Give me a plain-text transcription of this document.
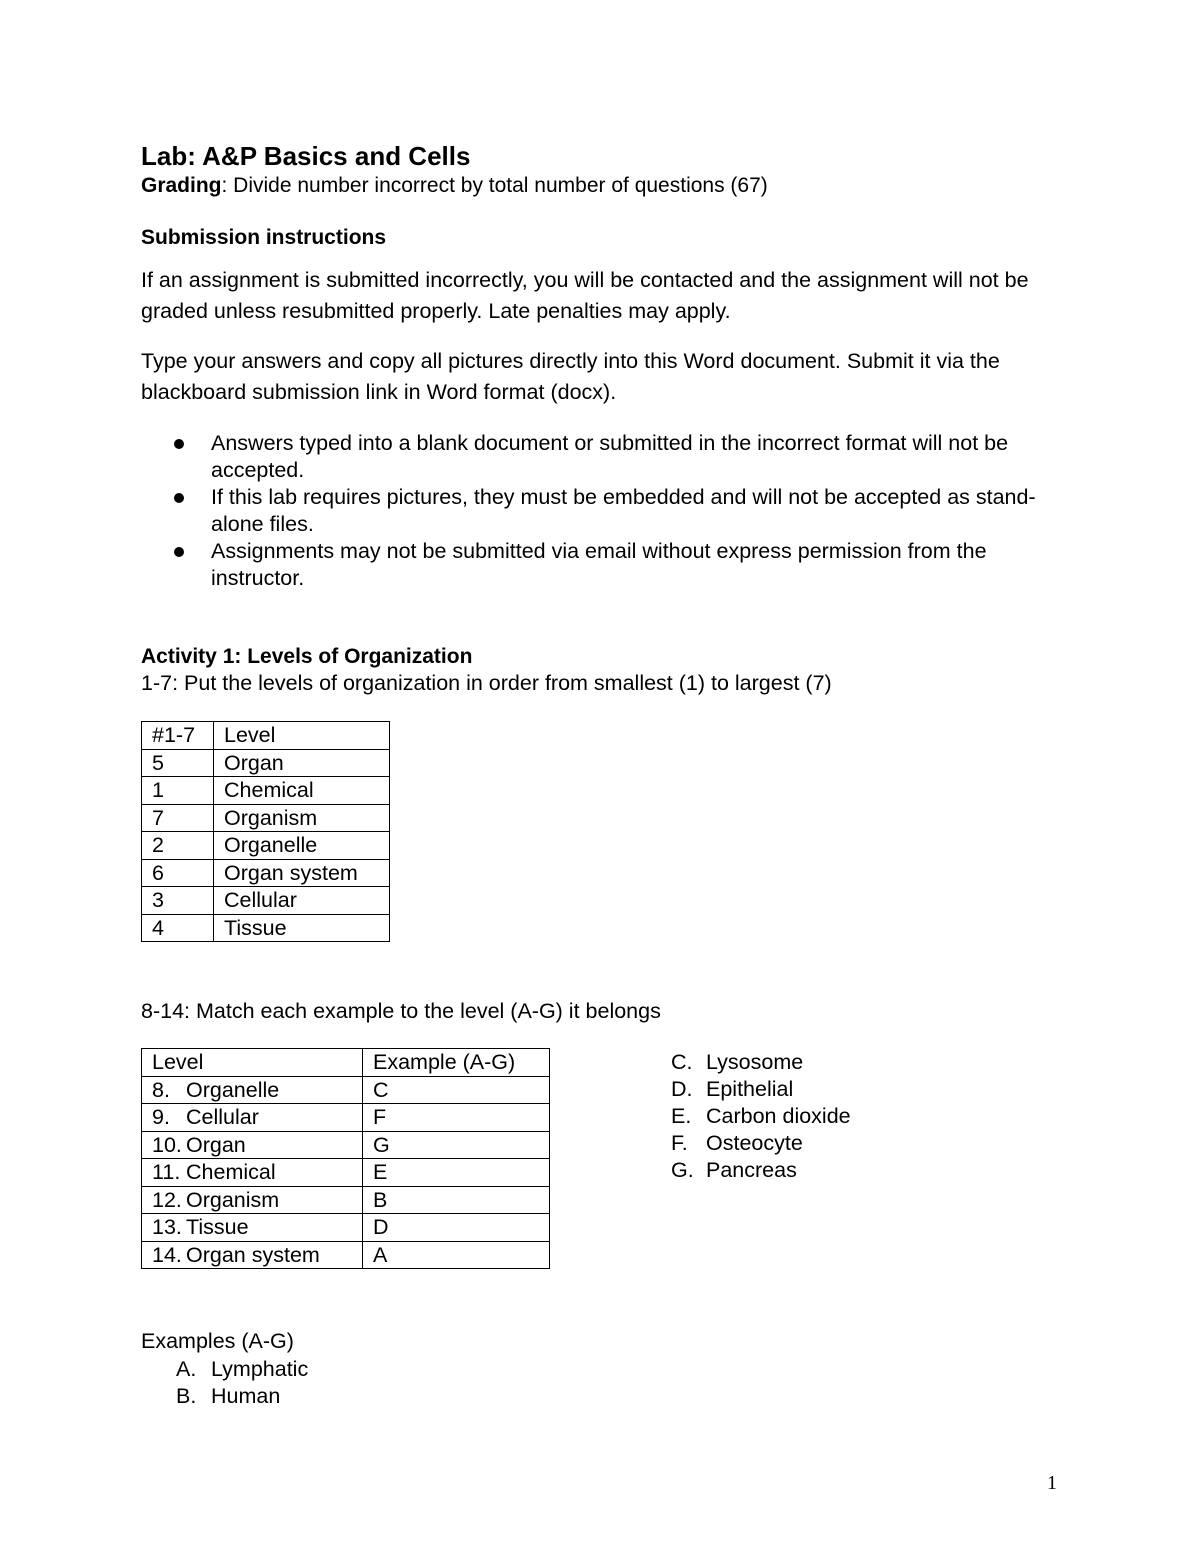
Lab: A&P Basics and Cells
Grading: Divide number incorrect by total number of questions (67)
Submission instructions
If an assignment is submitted incorrectly, you will be contacted and the assignment will not be graded unless resubmitted properly. Late penalties may apply.
Type your answers and copy all pictures directly into this Word document. Submit it via the blackboard submission link in Word format (docx).
Answers typed into a blank document or submitted in the incorrect format will not be accepted.
If this lab requires pictures, they must be embedded and will not be accepted as stand-alone files.
Assignments may not be submitted via email without express permission from the instructor.
Activity 1: Levels of Organization
1-7: Put the levels of organization in order from smallest (1) to largest (7)
#1-7	Level
5	Organ
1	Chemical
7	Organism
2	Organelle
6	Organ system
3	Cellular
4	Tissue
8-14: Match each example to the level (A-G) it belongs
Level	Example (A-G)
8. Organelle	C
9. Cellular	F
10. Organ	G
11. Chemical	E
12. Organism	B
13. Tissue	D
14. Organ system	A
C. Lysosome
D. Epithelial
E. Carbon dioxide
F. Osteocyte
G. Pancreas
Examples (A-G)
A. Lymphatic
B. Human
1
